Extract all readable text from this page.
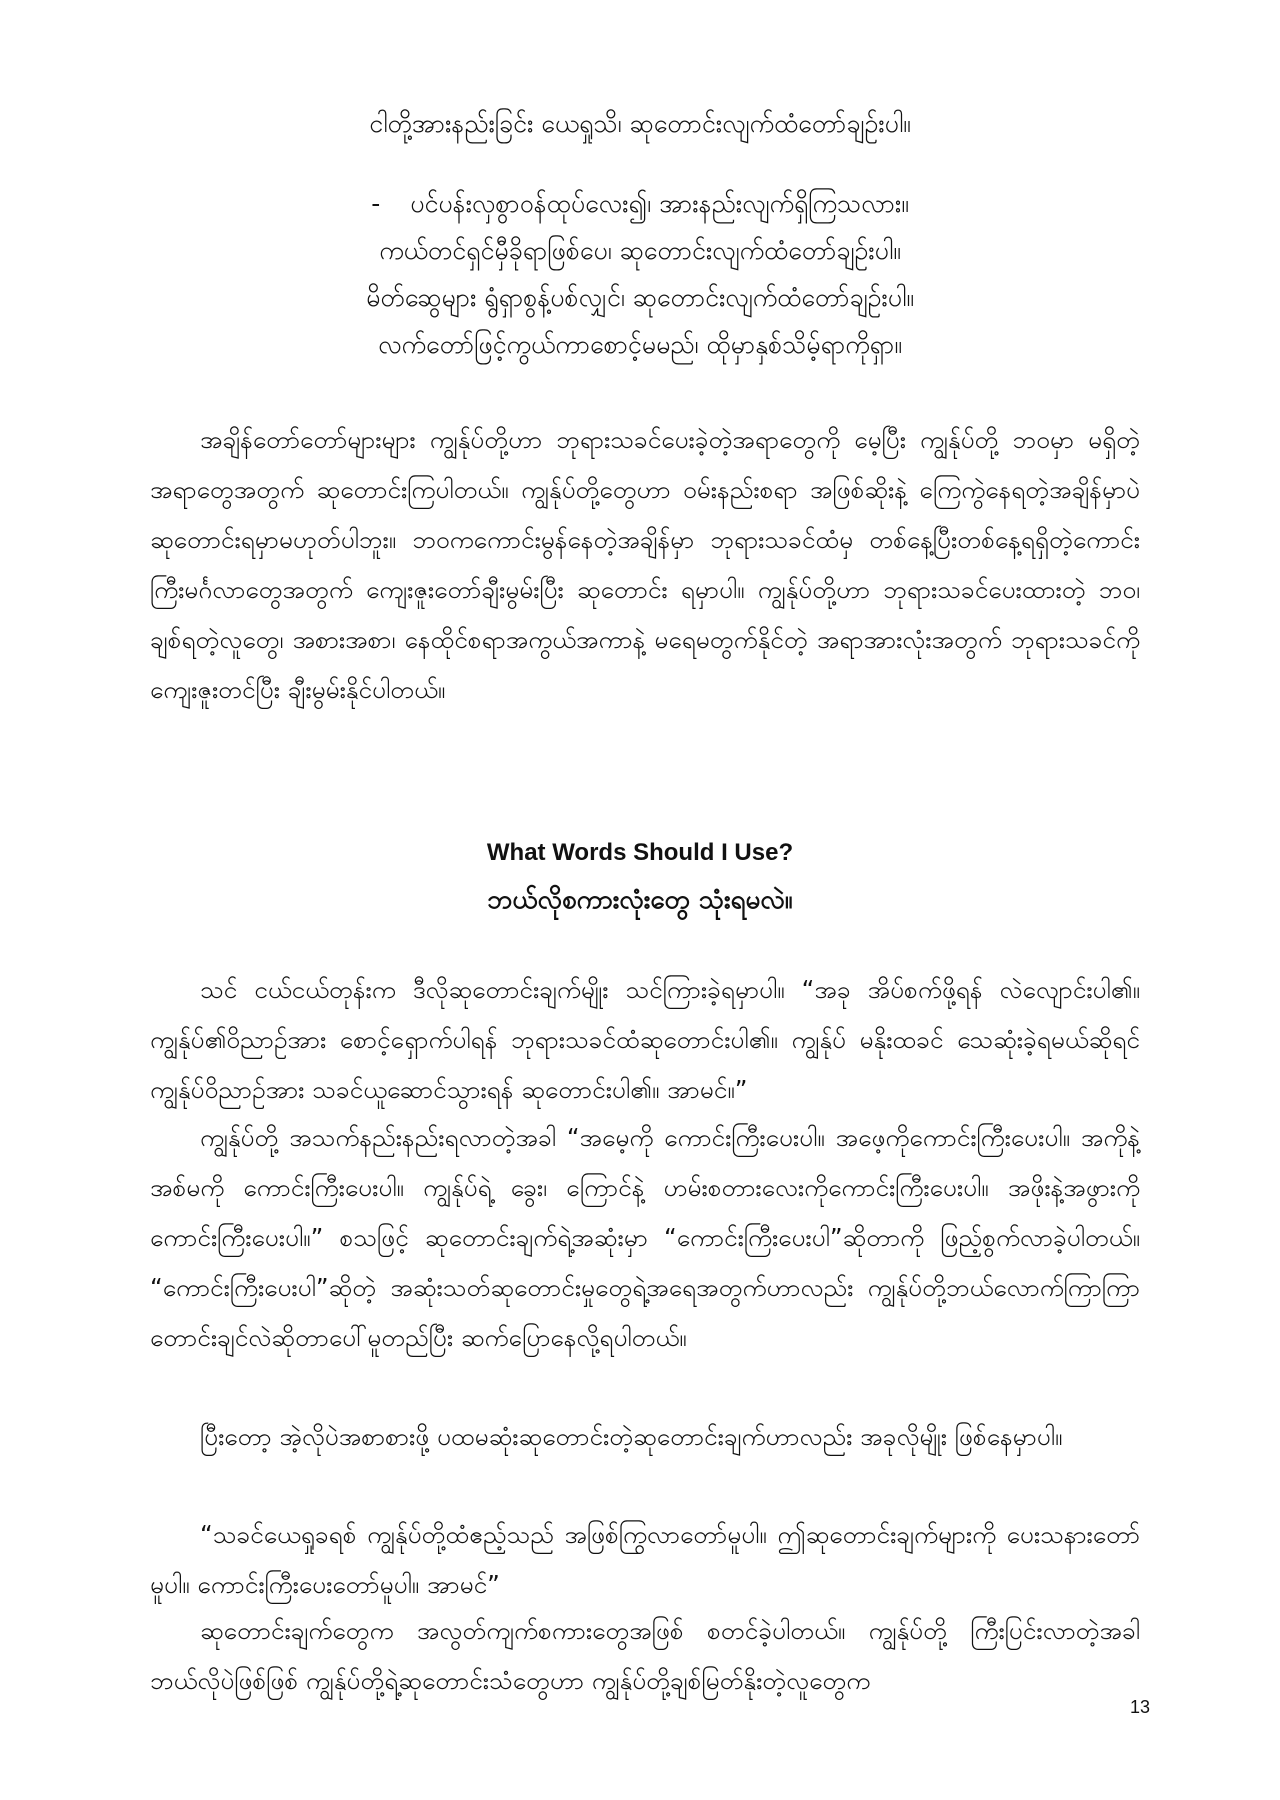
ငါတို့အားနည်းခြင်း ယေရှုသိ၊ ဆုတောင်းလျက်ထံတော်ချဉ်းပါ။
- ပင်ပန်းလှစွာဝန်ထုပ်လေး၍၊ အားနည်းလျက်ရှိကြသလား။
ကယ်တင်ရှင်မှီခိုရာဖြစ်ပေ၊ ဆုတောင်းလျက်ထံတော်ချဉ်းပါ။
မိတ်ဆွေများ ရွံရှာစွန့်ပစ်လျှင်၊ ဆုတောင်းလျက်ထံတော်ချဉ်းပါ။
လက်တော်ဖြင့်ကွယ်ကာစောင့်မမည်၊ ထိုမှာနှစ်သိမ့်ရာကိုရှာ။

အချိန်တော်တော်များများ ကျွန်ုပ်တို့ဟာ ဘုရားသခင်ပေးခဲ့တဲ့အရာတွေကို မေ့ပြီး ကျွန်ုပ်တို့ ဘဝမှာ မရှိတဲ့အရာတွေအတွက် ဆုတောင်းကြပါတယ်။ ကျွန်ုပ်တို့တွေဟာ ဝမ်းနည်းစရာ အဖြစ်ဆိုးနဲ့ ကြေကွဲနေရတဲ့အချိန်မှာပဲဆုတောင်းရမှာမဟုတ်ပါဘူး။ ဘဝကကောင်းမွန်နေတဲ့အချိန်မှာ ဘုရားသခင်ထံမှ တစ်နေ့ပြီးတစ်နေ့ရရှိတဲ့ကောင်းကြီးမင်္ဂလာတွေအတွက် ကျေးဇူးတော်ချီးမွမ်းပြီး ဆုတောင်း ရမှာပါ။ ကျွန်ုပ်တို့ဟာ ဘုရားသခင်ပေးထားတဲ့ ဘဝ၊ ချစ်ရတဲ့လူတွေ၊ အစားအစာ၊ နေထိုင်စရာအကွယ်အကာနဲ့ မရေမတွက်နိုင်တဲ့ အရာအားလုံးအတွက် ဘုရားသခင်ကို ကျေးဇူးတင်ပြီး ချီးမွမ်းနိုင်ပါတယ်။

What Words Should I Use?
ဘယ်လိုစကားလုံးတွေ သုံးရမလဲ။

သင် ငယ်ငယ်တုန်းက ဒီလိုဆုတောင်းချက်မျိုး သင်ကြားခဲ့ရမှာပါ။ “အခု အိပ်စက်ဖို့ရန် လဲလျောင်းပါ၏။ ကျွန်ုပ်၏ဝိညာဉ်အား စောင့်ရှောက်ပါရန် ဘုရားသခင်ထံဆုတောင်းပါ၏။ ကျွန်ုပ် မနိုးထခင် သေဆုံးခဲ့ရမယ်ဆိုရင် ကျွန်ုပ်ဝိညာဉ်အား သခင်ယူဆောင်သွားရန် ဆုတောင်းပါ၏။ အာမင်။”

ကျွန်ုပ်တို့ အသက်နည်းနည်းရလာတဲ့အခါ “အမေ့ကို ကောင်းကြီးပေးပါ။ အဖေ့ကိုကောင်းကြီးပေးပါ။ အကိုနဲ့အစ်မကို ကောင်းကြီးပေးပါ။ ကျွန်ုပ်ရဲ့ ခွေး၊ ကြောင်နဲ့ ဟမ်းစတားလေးကိုကောင်းကြီးပေးပါ။ အဖိုးနဲ့အဖွားကို ကောင်းကြီးပေးပါ။” စသဖြင့် ဆုတောင်းချက်ရဲ့အဆုံးမှာ “ကောင်းကြီးပေးပါ”ဆိုတာကို ဖြည့်စွက်လာခဲ့ပါတယ်။ “ကောင်းကြီးပေးပါ”ဆိုတဲ့ အဆုံးသတ်ဆုတောင်းမှုတွေရဲ့အရေအတွက်ဟာလည်း ကျွန်ုပ်တို့ဘယ်လောက်ကြာကြာ တောင်းချင်လဲဆိုတာပေါ်မူတည်ပြီး ဆက်ပြောနေလို့ရပါတယ်။

ပြီးတော့ အဲ့လိုပဲအစာစားဖို့ ပထမဆုံးဆုတောင်းတဲ့ဆုတောင်းချက်ဟာလည်း အခုလိုမျိုး ဖြစ်နေမှာပါ။

“သခင်ယေရှုခရစ် ကျွန်ုပ်တို့ထံဧည့်သည် အဖြစ်ကြွလာတော်မူပါ။ ဤဆုတောင်းချက်များကို ပေးသနားတော်မူပါ။ ကောင်းကြီးပေးတော်မူပါ။ အာမင်”

ဆုတောင်းချက်တွေက အလွတ်ကျက်စကားတွေအဖြစ် စတင်ခဲ့ပါတယ်။ ကျွန်ုပ်တို့ ကြီးပြင်းလာတဲ့အခါ ဘယ်လိုပဲဖြစ်ဖြစ် ကျွန်ုပ်တို့ရဲ့ဆုတောင်းသံတွေဟာ ကျွန်ုပ်တို့ချစ်မြတ်နိုးတဲ့လူတွေက

13
